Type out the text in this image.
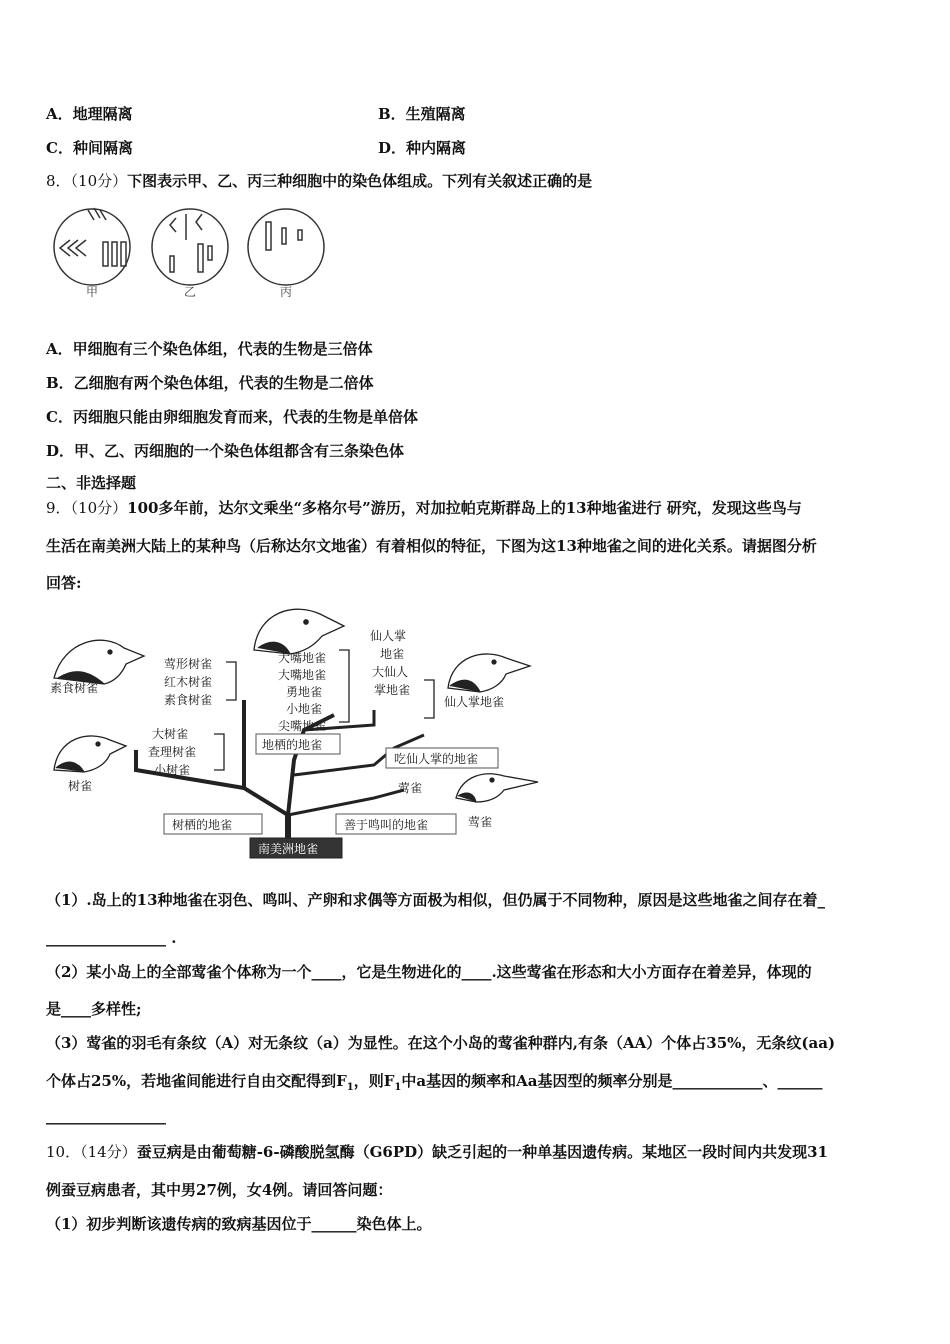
A．地理隔离	B．生殖隔离
C．种间隔离	D．种内隔离
8．（10分）下图表示甲、乙、丙三种细胞中的染色体组成。下列有关叙述正确的是
甲	乙	丙
A．甲细胞有三个染色体组，代表的生物是三倍体
B．乙细胞有两个染色体组，代表的生物是二倍体
C．丙细胞只能由卵细胞发育而来，代表的生物是单倍体
D．甲、乙、丙细胞的一个染色体组都含有三条染色体
二、非选择题
9．（10分）100多年前，达尔文乘坐“多格尔号”游历，对加拉帕克斯群岛上的13种地雀进行 研究，发现这些鸟与
生活在南美洲大陆上的某种鸟（后称达尔文地雀）有着相似的特征，下图为这13种地雀之间的进化关系。请据图分析
回答:
素食树雀
莺形树雀
红木树雀
素食树雀
大嘴地雀
大嘴地雀
勇地雀
小地雀
尖嘴地雀
仙人掌
地雀
大仙人
掌地雀
仙人掌地雀
大树雀
查理树雀
小树雀
树雀
地栖的地雀
吃仙人掌的地雀
莺雀
莺雀
树栖的地雀	善于鸣叫的地雀
南美洲地雀
（1）.岛上的13种地雀在羽色、鸣叫、产卵和求偶等方面极为相似，但仍属于不同物种，原因是这些地雀之间存在着_
________________ .
（2）某小岛上的全部莺雀个体称为一个____，它是生物进化的____.这些莺雀在形态和大小方面存在着差异，体现的
是____多样性;
（3）莺雀的羽毛有条纹（A）对无条纹（a）为显性。在这个小岛的莺雀种群内,有条（AA）个体占35%，无条纹(aa)
个体占25%，若地雀间能进行自由交配得到$F_1$，则$F_1$中a基因的频率和Aa基因型的频率分别是____________、______
________________
10．（14分）蚕豆病是由葡萄糖-6-磷酸脱氢酶（G6PD）缺乏引起的一种单基因遗传病。某地区一段时间内共发现31
例蚕豆病患者，其中男27例，女4例。请回答问题：
（1）初步判断该遗传病的致病基因位于______染色体上。
